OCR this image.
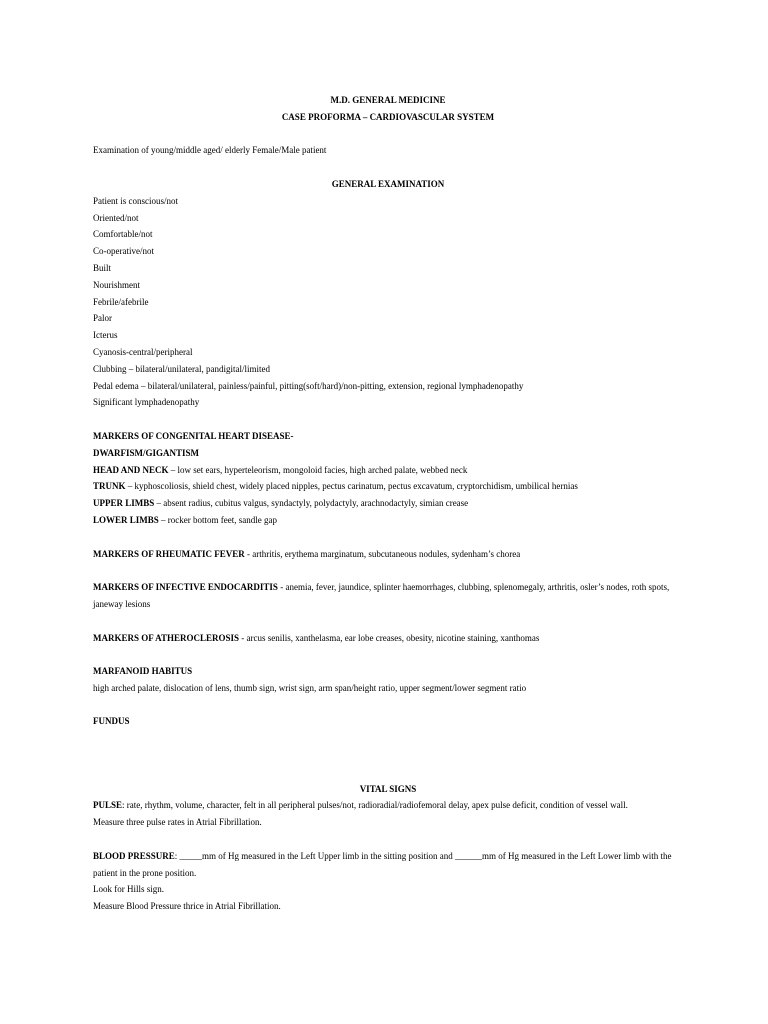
M.D. GENERAL MEDICINE
CASE PROFORMA – CARDIOVASCULAR SYSTEM
Examination of young/middle aged/ elderly Female/Male patient
GENERAL EXAMINATION
Patient is conscious/not
Oriented/not
Comfortable/not
Co-operative/not
Built
Nourishment
Febrile/afebrile
Palor
Icterus
Cyanosis-central/peripheral
Clubbing – bilateral/unilateral, pandigital/limited
Pedal edema – bilateral/unilateral, painless/painful, pitting(soft/hard)/non-pitting, extension, regional lymphadenopathy
Significant lymphadenopathy
MARKERS OF CONGENITAL HEART DISEASE-
DWARFISM/GIGANTISM
HEAD AND NECK – low set ears, hyperteleorism, mongoloid facies, high arched palate, webbed neck
TRUNK – kyphoscoliosis, shield chest, widely placed nipples, pectus carinatum, pectus excavatum, cryptorchidism, umbilical hernias
UPPER LIMBS – absent radius, cubitus valgus, syndactyly, polydactyly, arachnodactyly, simian crease
LOWER LIMBS – rocker bottom feet, sandle gap
MARKERS OF RHEUMATIC FEVER - arthritis, erythema marginatum, subcutaneous nodules, sydenham’s chorea
MARKERS OF INFECTIVE ENDOCARDITIS - anemia, fever, jaundice, splinter haemorrhages, clubbing, splenomegaly, arthritis, osler’s nodes, roth spots, janeway lesions
MARKERS OF ATHEROCLEROSIS - arcus senilis, xanthelasma, ear lobe creases, obesity, nicotine staining, xanthomas
MARFANOID HABITUS
high arched palate, dislocation of lens, thumb sign, wrist sign, arm span/height ratio, upper segment/lower segment ratio
FUNDUS
VITAL SIGNS
PULSE: rate, rhythm, volume, character, felt in all peripheral pulses/not, radioradial/radiofemoral delay, apex pulse deficit, condition of vessel wall.
Measure three pulse rates in Atrial Fibrillation.
BLOOD PRESSURE: _____mm of Hg measured in the Left Upper limb in the sitting position and ______mm of Hg measured in the Left Lower limb with the patient in the prone position.
Look for Hills sign.
Measure Blood Pressure thrice in Atrial Fibrillation.
